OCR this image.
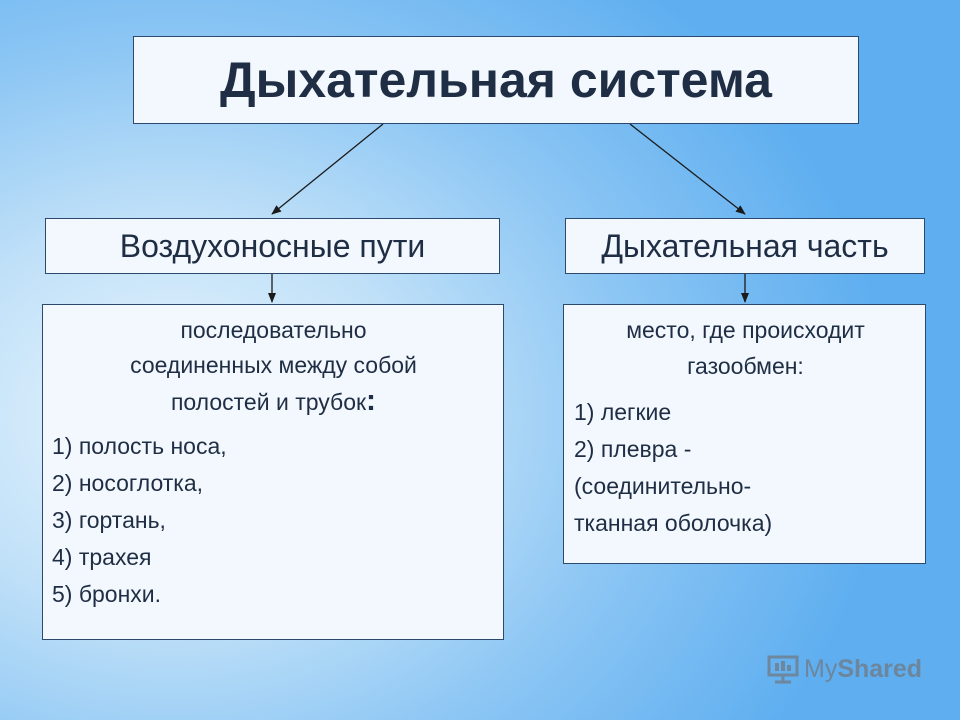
Дыхательная система
Воздухоносные пути	Дыхательная часть

последовательно
соединенных между собой
полостей и трубок:

1) полость носа,
2) носоглотка,
3) гортань,
4) трахея
5) бронхи.

место, где происходит
газообмен:

1) легкие
2) плевра -
(соединительно-
тканная оболочка)
My Shared
